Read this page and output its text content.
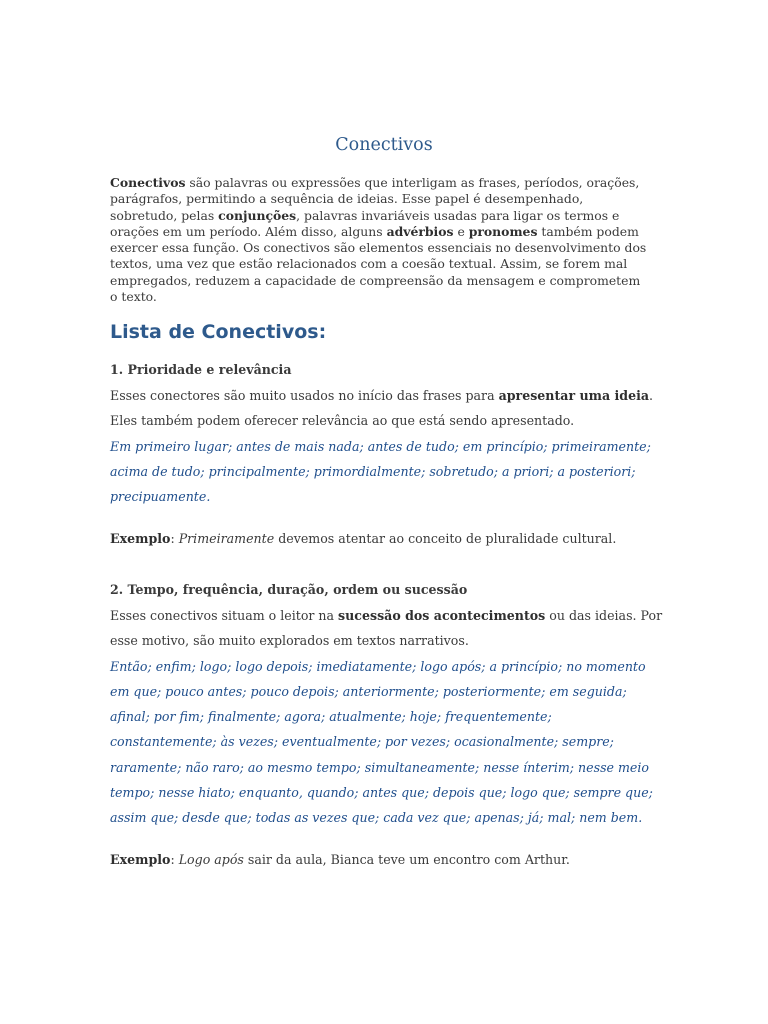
Conectivos

Conectivos são palavras ou expressões que interligam as frases, períodos, orações, parágrafos, permitindo a sequência de ideias. Esse papel é desempenhado, sobretudo, pelas conjunções, palavras invariáveis usadas para ligar os termos e orações em um período. Além disso, alguns advérbios e pronomes também podem exercer essa função. Os conectivos são elementos essenciais no desenvolvimento dos textos, uma vez que estão relacionados com a coesão textual. Assim, se forem mal empregados, reduzem a capacidade de compreensão da mensagem e comprometem o texto.

Lista de Conectivos:

1. Prioridade e relevância

Esses conectores são muito usados no início das frases para apresentar uma ideia. Eles também podem oferecer relevância ao que está sendo apresentado.

Em primeiro lugar; antes de mais nada; antes de tudo; em princípio; primeiramente; acima de tudo; principalmente; primordialmente; sobretudo; a priori; a posteriori; precipuamente.

Exemplo: Primeiramente devemos atentar ao conceito de pluralidade cultural.

2. Tempo, frequência, duração, ordem ou sucessão

Esses conectivos situam o leitor na sucessão dos acontecimentos ou das ideias. Por esse motivo, são muito explorados em textos narrativos.

Então; enfim; logo; logo depois; imediatamente; logo após; a princípio; no momento em que; pouco antes; pouco depois; anteriormente; posteriormente; em seguida; afinal; por fim; finalmente; agora; atualmente; hoje; frequentemente; constantemente; às vezes; eventualmente; por vezes; ocasionalmente; sempre; raramente; não raro; ao mesmo tempo; simultaneamente; nesse ínterim; nesse meio tempo; nesse hiato; enquanto, quando; antes que; depois que; logo que; sempre que; assim que; desde que; todas as vezes que; cada vez que; apenas; já; mal; nem bem.

Exemplo: Logo após sair da aula, Bianca teve um encontro com Arthur.
